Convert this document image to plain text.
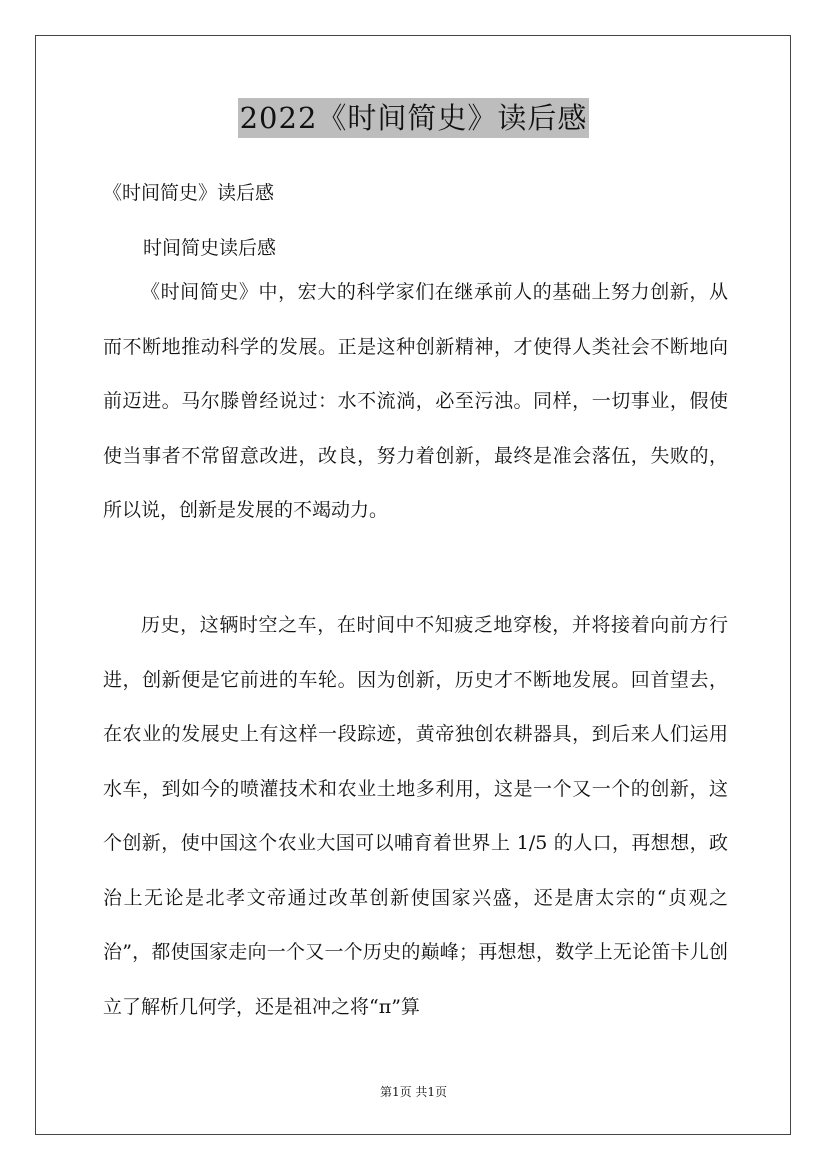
2022《时间简史》读后感
《时间简史》读后感
时间简史读后感
《时间简史》中，宏大的科学家们在继承前人的基础上努力创新，从而不断地推动科学的发展。正是这种创新精神，才使得人类社会不断地向前迈进。马尔滕曾经说过：水不流淌，必至污浊。同样，一切事业，假使使当事者不常留意改进，改良，努力着创新，最终是准会落伍，失败的，所以说，创新是发展的不竭动力。
历史，这辆时空之车，在时间中不知疲乏地穿梭，并将接着向前方行进，创新便是它前进的车轮。因为创新，历史才不断地发展。回首望去，在农业的发展史上有这样一段踪迹，黄帝独创农耕器具，到后来人们运用水车，到如今的喷灌技术和农业土地多利用，这是一个又一个的创新，这个创新，使中国这个农业大国可以哺育着世界上 1/5 的人口，再想想，政治上无论是北孝文帝通过改革创新使国家兴盛，还是唐太宗的“贞观之治”，都使国家走向一个又一个历史的巅峰；再想想，数学上无论笛卡儿创立了解析几何学，还是祖冲之将“π”算
第1页 共1页
